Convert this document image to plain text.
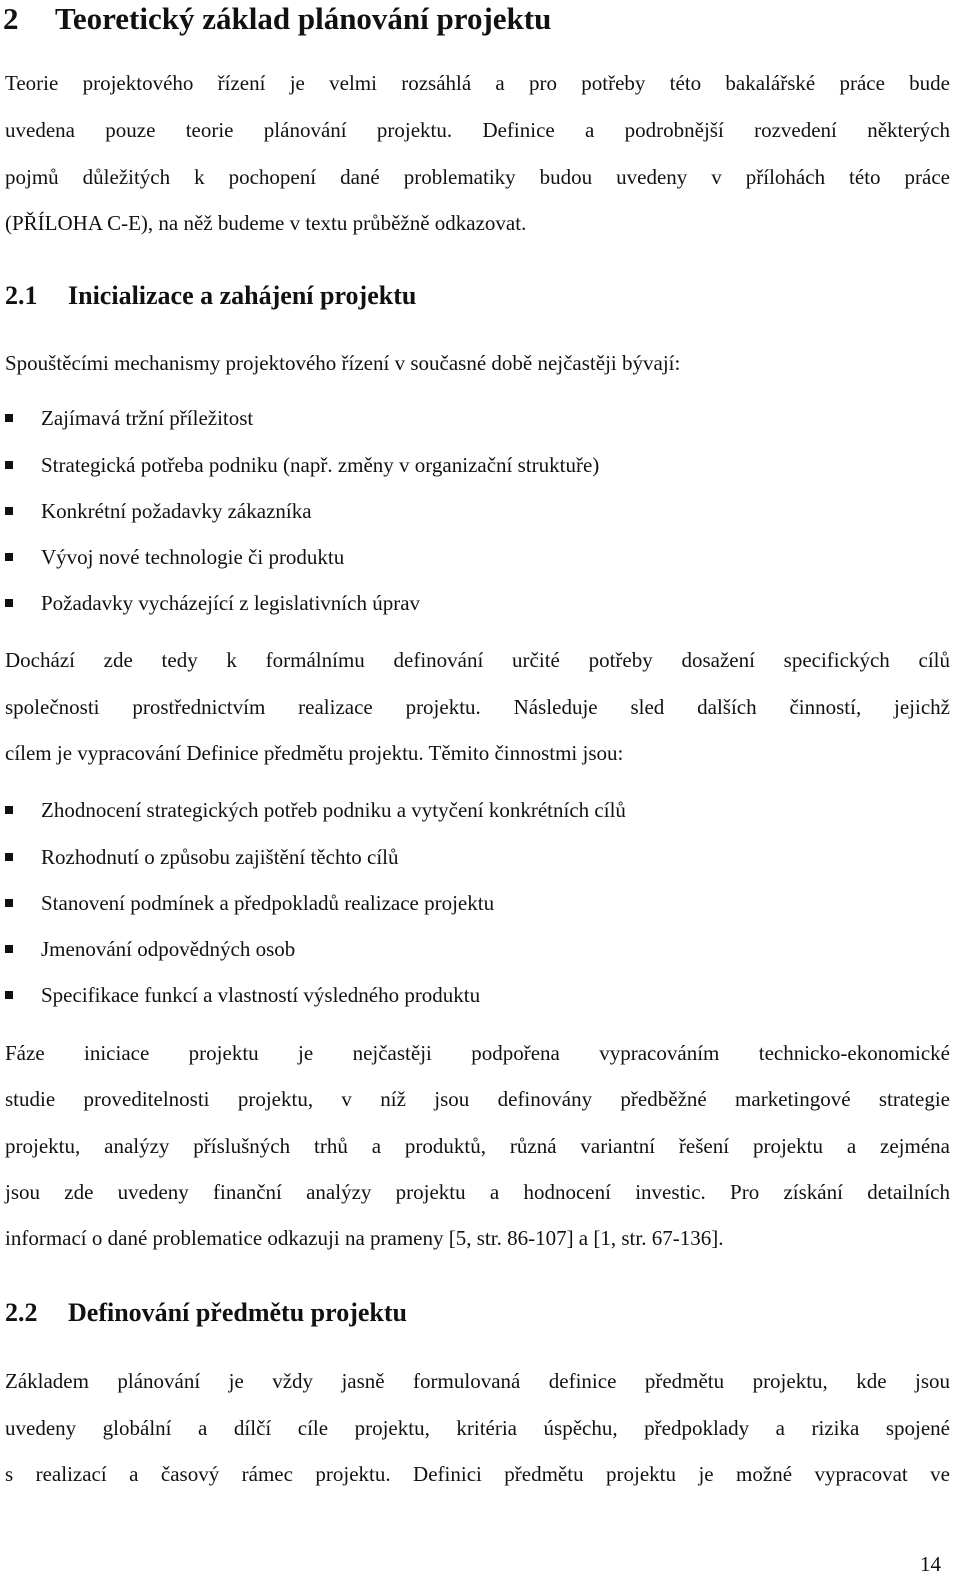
2 Teoretický základ plánování projektu
Teorie projektového řízení je velmi rozsáhlá a pro potřeby této bakalářské práce bude
uvedena pouze teorie plánování projektu. Definice a podrobnější rozvedení některých
pojmů důležitých k pochopení dané problematiky budou uvedeny v přílohách této práce
(PŘÍLOHA C-E), na něž budeme v textu průběžně odkazovat.
2.1 Inicializace a zahájení projektu
Spouštěcími mechanismy projektového řízení v současné době nejčastěji bývají:
Zajímavá tržní příležitost
Strategická potřeba podniku (např. změny v organizační struktuře)
Konkrétní požadavky zákazníka
Vývoj nové technologie či produktu
Požadavky vycházející z legislativních úprav
Dochází zde tedy k formálnímu definování určité potřeby dosažení specifických cílů
společnosti prostřednictvím realizace projektu. Následuje sled dalších činností, jejichž
cílem je vypracování Definice předmětu projektu. Těmito činnostmi jsou:
Zhodnocení strategických potřeb podniku a vytyčení konkrétních cílů
Rozhodnutí o způsobu zajištění těchto cílů
Stanovení podmínek a předpokladů realizace projektu
Jmenování odpovědných osob
Specifikace funkcí a vlastností výsledného produktu
Fáze iniciace projektu je nejčastěji podpořena vypracováním technicko-ekonomické
studie proveditelnosti projektu, v níž jsou definovány předběžné marketingové strategie
projektu, analýzy příslušných trhů a produktů, různá variantní řešení projektu a zejména
jsou zde uvedeny finanční analýzy projektu a hodnocení investic. Pro získání detailních
informací o dané problematice odkazuji na prameny [5, str. 86-107] a [1, str. 67-136].
2.2 Definování předmětu projektu
Základem plánování je vždy jasně formulovaná definice předmětu projektu, kde jsou
uvedeny globální a dílčí cíle projektu, kritéria úspěchu, předpoklady a rizika spojené
s realizací a časový rámec projektu. Definici předmětu projektu je možné vypracovat ve
14
